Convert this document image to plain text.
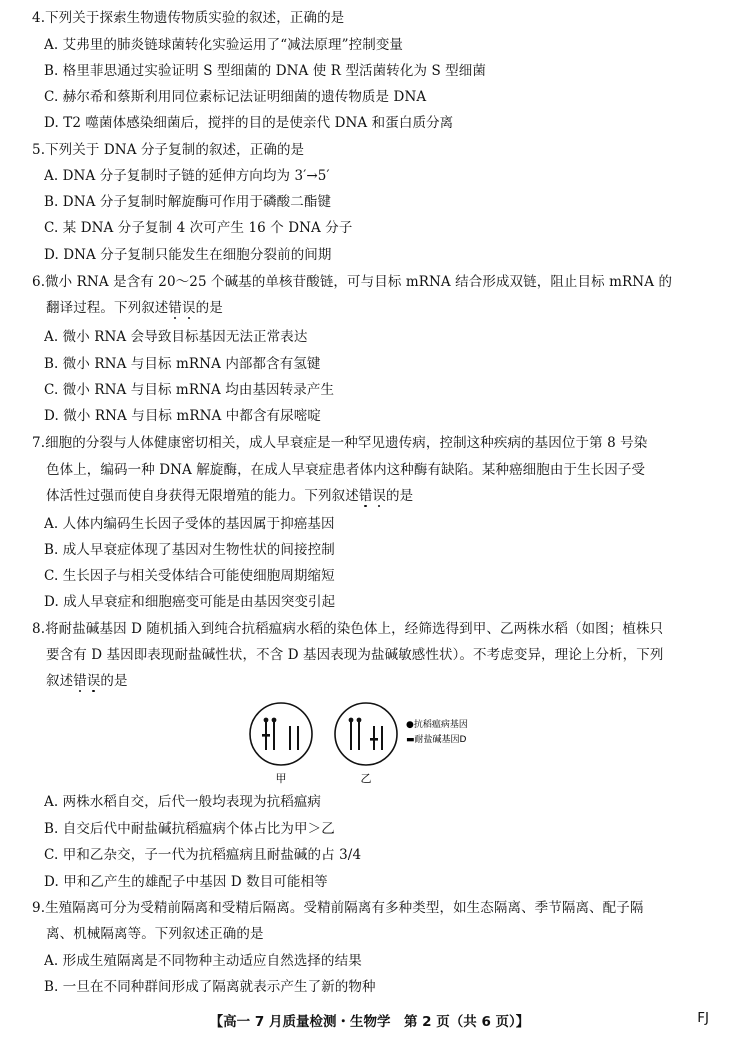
4.下列关于探索生物遗传物质实验的叙述，正确的是
A. 艾弗里的肺炎链球菌转化实验运用了“减法原理”控制变量
B. 格里菲思通过实验证明 S 型细菌的 DNA 使 R 型活菌转化为 S 型细菌
C. 赫尔希和蔡斯利用同位素标记法证明细菌的遗传物质是 DNA
D. T2 噬菌体感染细菌后，搅拌的目的是使亲代 DNA 和蛋白质分离
5.下列关于 DNA 分子复制的叙述，正确的是
A. DNA 分子复制时子链的延伸方向均为 3′→5′
B. DNA 分子复制时解旋酶可作用于磷酸二酯键
C. 某 DNA 分子复制 4 次可产生 16 个 DNA 分子
D. DNA 分子复制只能发生在细胞分裂前的间期
6.微小 RNA 是含有 20～25 个碱基的单核苷酸链，可与目标 mRNA 结合形成双链，阻止目标 mRNA 的
翻译过程。下列叙述错误的是
A. 微小 RNA 会导致目标基因无法正常表达
B. 微小 RNA 与目标 mRNA 内部都含有氢键
C. 微小 RNA 与目标 mRNA 均由基因转录产生
D. 微小 RNA 与目标 mRNA 中都含有尿嘧啶
7.细胞的分裂与人体健康密切相关，成人早衰症是一种罕见遗传病，控制这种疾病的基因位于第 8 号染
色体上，编码一种 DNA 解旋酶，在成人早衰症患者体内这种酶有缺陷。某种癌细胞由于生长因子受
体活性过强而使自身获得无限增殖的能力。下列叙述错误的是
A. 人体内编码生长因子受体的基因属于抑癌基因
B. 成人早衰症体现了基因对生物性状的间接控制
C. 生长因子与相关受体结合可能使细胞周期缩短
D. 成人早衰症和细胞癌变可能是由基因突变引起
8.将耐盐碱基因 D 随机插入到纯合抗稻瘟病水稻的染色体上，经筛选得到甲、乙两株水稻（如图；植株只
要含有 D 基因即表现耐盐碱性状，不含 D 基因表现为盐碱敏感性状）。不考虑变异，理论上分析，下列
叙述错误的是
甲	乙
●抗稻瘟病基因
▬耐盐碱基因D
A. 两株水稻自交，后代一般均表现为抗稻瘟病
B. 自交后代中耐盐碱抗稻瘟病个体占比为甲＞乙
C. 甲和乙杂交，子一代为抗稻瘟病且耐盐碱的占 3/4
D. 甲和乙产生的雄配子中基因 D 数目可能相等
9.生殖隔离可分为受精前隔离和受精后隔离。受精前隔离有多种类型，如生态隔离、季节隔离、配子隔
离、机械隔离等。下列叙述正确的是
A. 形成生殖隔离是不同物种主动适应自然选择的结果
B. 一旦在不同种群间形成了隔离就表示产生了新的物种
【高一 7 月质量检测・生物学　第 2 页（共 6 页）】	FJ
